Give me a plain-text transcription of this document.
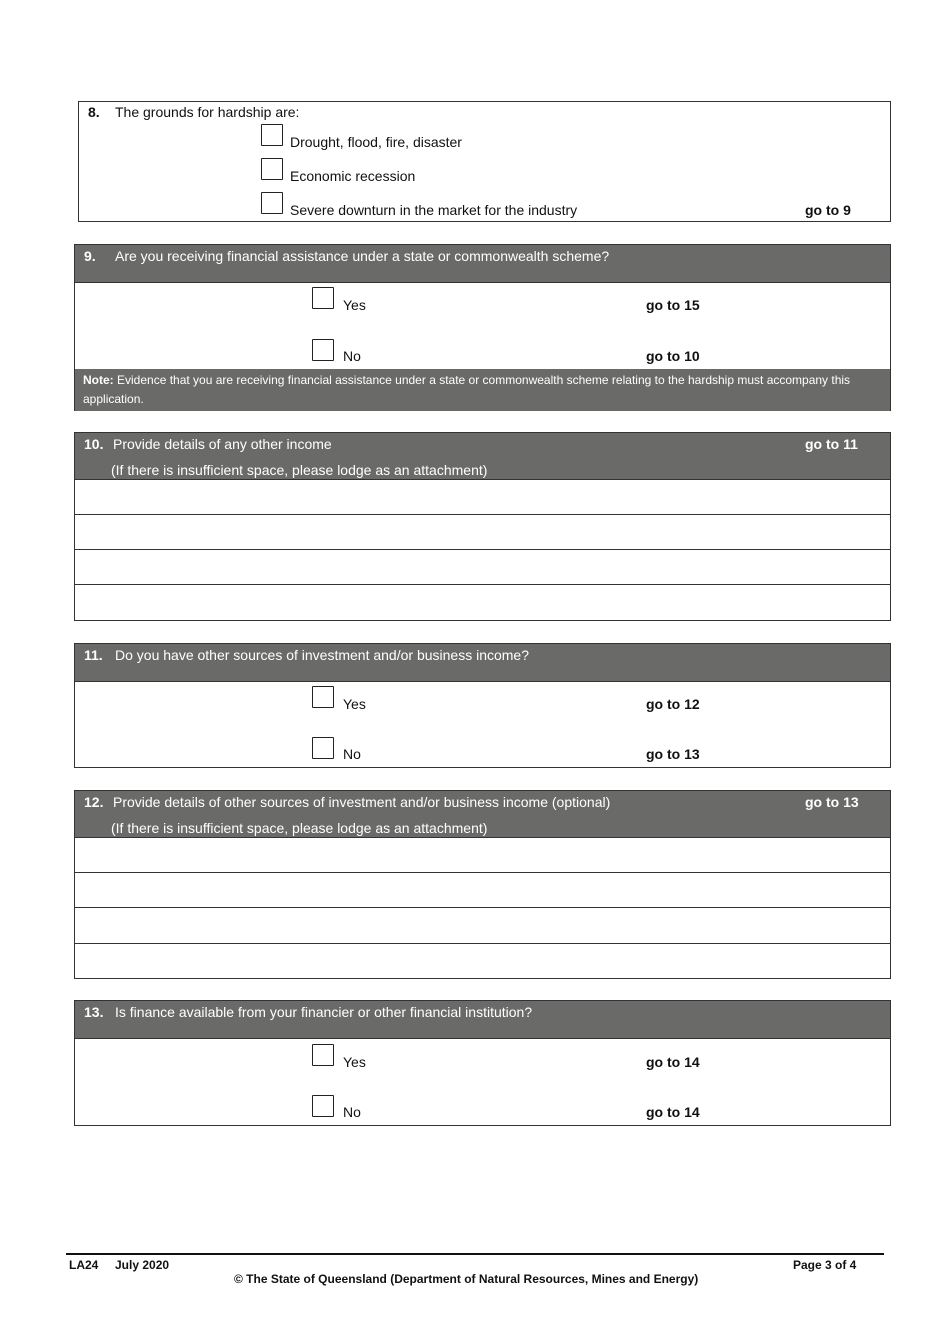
8. The grounds for hardship are:
Drought, flood, fire, disaster
Economic recession
Severe downturn in the market for the industry	go to 9
9. Are you receiving financial assistance under a state or commonwealth scheme?
Yes	go to 15
No	go to 10
Note: Evidence that you are receiving financial assistance under a state or commonwealth scheme relating to the hardship must accompany this application.
10. Provide details of any other income	go to 11
(If there is insufficient space, please lodge as an attachment)
11. Do you have other sources of investment and/or business income?
Yes	go to 12
No	go to 13
12. Provide details of other sources of investment and/or business income (optional)	go to 13
(If there is insufficient space, please lodge as an attachment)
13. Is finance available from your financier or other financial institution?
Yes	go to 14
No	go to 14
LA24 July 2020	Page 3 of 4
© The State of Queensland (Department of Natural Resources, Mines and Energy)
